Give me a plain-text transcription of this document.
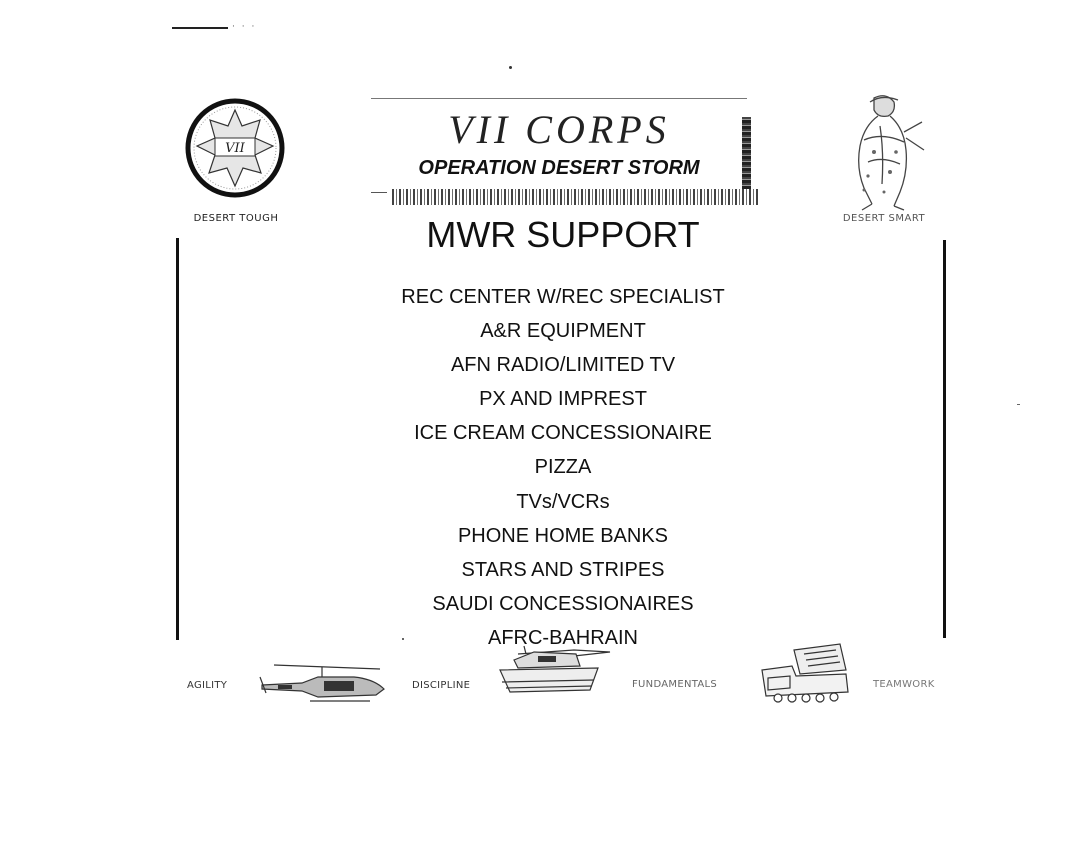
· · ·
VII
DESERT TOUGH
VII CORPS
OPERATION DESERT STORM
DESERT SMART
MWR SUPPORT
REC CENTER W/REC SPECIALIST
A&R EQUIPMENT
AFN RADIO/LIMITED TV
PX AND IMPREST
ICE CREAM CONCESSIONAIRE
PIZZA
TVs/VCRs
PHONE HOME BANKS
STARS AND STRIPES
SAUDI CONCESSIONAIRES
AFRC-BAHRAIN
AGILITY	DISCIPLINE	FUNDAMENTALS	TEAMWORK
